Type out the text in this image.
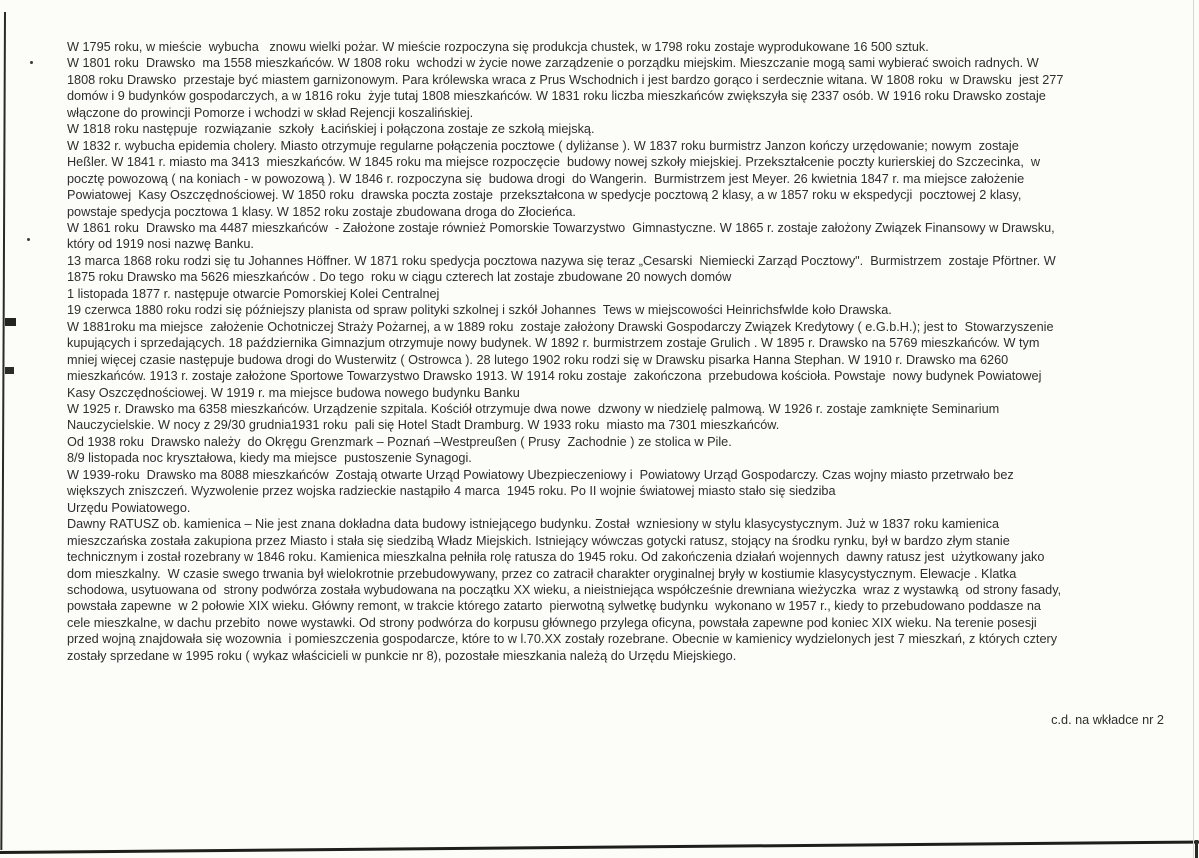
W 1795 roku, w mieście  wybucha   znowu wielki pożar. W mieście rozpoczyna się produkcja chustek, w 1798 roku zostaje wyprodukowane 16 500 sztuk.
W 1801 roku  Drawsko  ma 1558 mieszkańców. W 1808 roku  wchodzi w życie nowe zarządzenie o porządku miejskim. Mieszczanie mogą sami wybierać swoich radnych. W
1808 roku Drawsko  przestaje być miastem garnizonowym. Para królewska wraca z Prus Wschodnich i jest bardzo gorąco i serdecznie witana. W 1808 roku  w Drawsku  jest 277
domów i 9 budynków gospodarczych, a w 1816 roku  żyje tutaj 1808 mieszkańców. W 1831 roku liczba mieszkańców zwiększyła się 2337 osób. W 1916 roku Drawsko zostaje
włączone do prowincji Pomorze i wchodzi w skład Rejencji koszalińskiej.
W 1818 roku następuje  rozwiązanie  szkoły  Łacińskiej i połączona zostaje ze szkołą miejską.
W 1832 r. wybucha epidemia cholery. Miasto otrzymuje regularne połączenia pocztowe ( dyliżanse ). W 1837 roku burmistrz Janzon kończy urzędowanie; nowym  zostaje
Heßler. W 1841 r. miasto ma 3413  mieszkańców. W 1845 roku ma miejsce rozpoczęcie  budowy nowej szkoły miejskiej. Przekształcenie poczty kurierskiej do Szczecinka,  w
pocztę powozową ( na koniach - w powozową ). W 1846 r. rozpoczyna się  budowa drogi  do Wangerin.  Burmistrzem jest Meyer. 26 kwietnia 1847 r. ma miejsce założenie
Powiatowej  Kasy Oszczędnościowej. W 1850 roku  drawska poczta zostaje  przekształcona w spedycje pocztową 2 klasy, a w 1857 roku w ekspedycji  pocztowej 2 klasy,
powstaje spedycja pocztowa 1 klasy. W 1852 roku zostaje zbudowana droga do Złocieńca.
W 1861 roku  Drawsko ma 4487 mieszkańców  - Założone zostaje również Pomorskie Towarzystwo  Gimnastyczne. W 1865 r. zostaje założony Związek Finansowy w Drawsku,
który od 1919 nosi nazwę Banku.
13 marca 1868 roku rodzi się tu Johannes Höffner. W 1871 roku spedycja pocztowa nazywa się teraz „Cesarski  Niemiecki Zarząd Pocztowy".  Burmistrzem  zostaje Pförtner. W
1875 roku Drawsko ma 5626 mieszkańców . Do tego  roku w ciągu czterech lat zostaje zbudowane 20 nowych domów
1 listopada 1877 r. następuje otwarcie Pomorskiej Kolei Centralnej
19 czerwca 1880 roku rodzi się późniejszy planista od spraw polityki szkolnej i szkół Johannes  Tews w miejscowości Heinrichsfwlde koło Drawska.
W 1881roku ma miejsce  założenie Ochotniczej Straży Pożarnej, a w 1889 roku  zostaje założony Drawski Gospodarczy Związek Kredytowy ( e.G.b.H.); jest to  Stowarzyszenie
kupujących i sprzedających. 18 października Gimnazjum otrzymuje nowy budynek. W 1892 r. burmistrzem zostaje Grulich . W 1895 r. Drawsko na 5769 mieszkańców. W tym
mniej więcej czasie następuje budowa drogi do Wusterwitz ( Ostrowca ). 28 lutego 1902 roku rodzi się w Drawsku pisarka Hanna Stephan. W 1910 r. Drawsko ma 6260
mieszkańców. 1913 r. zostaje założone Sportowe Towarzystwo Drawsko 1913. W 1914 roku zostaje  zakończona  przebudowa kościoła. Powstaje  nowy budynek Powiatowej
Kasy Oszczędnościowej. W 1919 r. ma miejsce budowa nowego budynku Banku
W 1925 r. Drawsko ma 6358 mieszkańców. Urządzenie szpitala. Kościół otrzymuje dwa nowe  dzwony w niedzielę palmową. W 1926 r. zostaje zamknięte Seminarium
Nauczycielskie. W nocy z 29/30 grudnia1931 roku  pali się Hotel Stadt Dramburg. W 1933 roku  miasto ma 7301 mieszkańców.
Od 1938 roku  Drawsko należy  do Okręgu Grenzmark – Poznań –Westpreußen ( Prusy  Zachodnie ) ze stolica w Pile.
8/9 listopada noc kryształowa, kiedy ma miejsce  pustoszenie Synagogi.
W 1939-roku  Drawsko ma 8088 mieszkańców  Zostają otwarte Urząd Powiatowy Ubezpieczeniowy i  Powiatowy Urząd Gospodarczy. Czas wojny miasto przetrwało bez
większych zniszczeń. Wyzwolenie przez wojska radzieckie nastąpiło 4 marca  1945 roku. Po II wojnie światowej miasto stało się siedziba
Urzędu Powiatowego.
Dawny RATUSZ ob. kamienica – Nie jest znana dokładna data budowy istniejącego budynku. Został  wzniesiony w stylu klasycystycznym. Już w 1837 roku kamienica
mieszczańska została zakupiona przez Miasto i stała się siedzibą Władz Miejskich. Istniejący wówczas gotycki ratusz, stojący na środku rynku, był w bardzo złym stanie
technicznym i został rozebrany w 1846 roku. Kamienica mieszkalna pełniła rolę ratusza do 1945 roku. Od zakończenia działań wojennych  dawny ratusz jest  użytkowany jako
dom mieszkalny.  W czasie swego trwania był wielokrotnie przebudowywany, przez co zatracił charakter oryginalnej bryły w kostiumie klasycystycznym. Elewacje . Klatka
schodowa, usytuowana od  strony podwórza została wybudowana na początku XX wieku, a nieistniejąca współcześnie drewniana wieżyczka  wraz z wystawką  od strony fasady,
powstała zapewne  w 2 połowie XIX wieku. Główny remont, w trakcie którego zatarto  pierwotną sylwetkę budynku  wykonano w 1957 r., kiedy to przebudowano poddasze na
cele mieszkalne, w dachu przebito  nowe wystawki. Od strony podwórza do korpusu głównego przylega oficyna, powstała zapewne pod koniec XIX wieku. Na terenie posesji
przed wojną znajdowała się wozownia  i pomieszczenia gospodarcze, które to w l.70.XX zostały rozebrane. Obecnie w kamienicy wydzielonych jest 7 mieszkań, z których cztery
zostały sprzedane w 1995 roku ( wykaz właścicieli w punkcie nr 8), pozostałe mieszkania należą do Urzędu Miejskiego.
c.d. na wkładce nr 2
